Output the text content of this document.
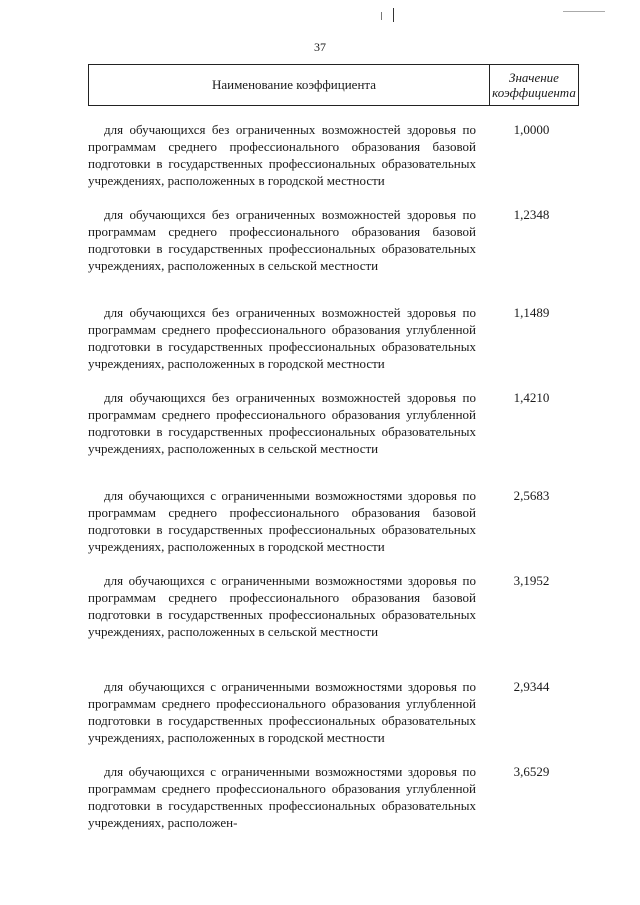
37
Наименование коэффициента	Значение
коэффициента
для обучающихся без ограниченных возможностей здоровья по программам среднего профессионального образования базовой подготовки в государственных профессиональных образовательных учреждениях, расположенных в городской местности
1,0000
для обучающихся без ограниченных возможностей здоровья по программам среднего профессионального образования базовой подготовки в государственных профессиональных образовательных учреждениях, расположенных в сельской местности
1,2348
для обучающихся без ограниченных возможностей здоровья по программам среднего профессионального образования углубленной подготовки в государственных профессиональных образовательных учреждениях, расположенных в городской местности
1,1489
для обучающихся без ограниченных возможностей здоровья по программам среднего профессионального образования углубленной подготовки в государственных профессиональных образовательных учреждениях, расположенных в сельской местности
1,4210
для обучающихся с ограниченными возможностями здоровья по программам среднего профессионального образования базовой подготовки в государственных профессиональных образовательных учреждениях, расположенных в городской местности
2,5683
для обучающихся с ограниченными возможностями здоровья по программам среднего профессионального образования базовой подготовки в государственных профессиональных образовательных учреждениях, расположенных в сельской местности
3,1952
для обучающихся с ограниченными возможностями здоровья по программам среднего профессионального образования углубленной подготовки в государственных профессиональных образовательных учреждениях, расположенных в городской местности
2,9344
для обучающихся с ограниченными возможностями здоровья по программам среднего профессионального образования углубленной подготовки в государственных профессиональных образовательных учреждениях, расположен-
3,6529
